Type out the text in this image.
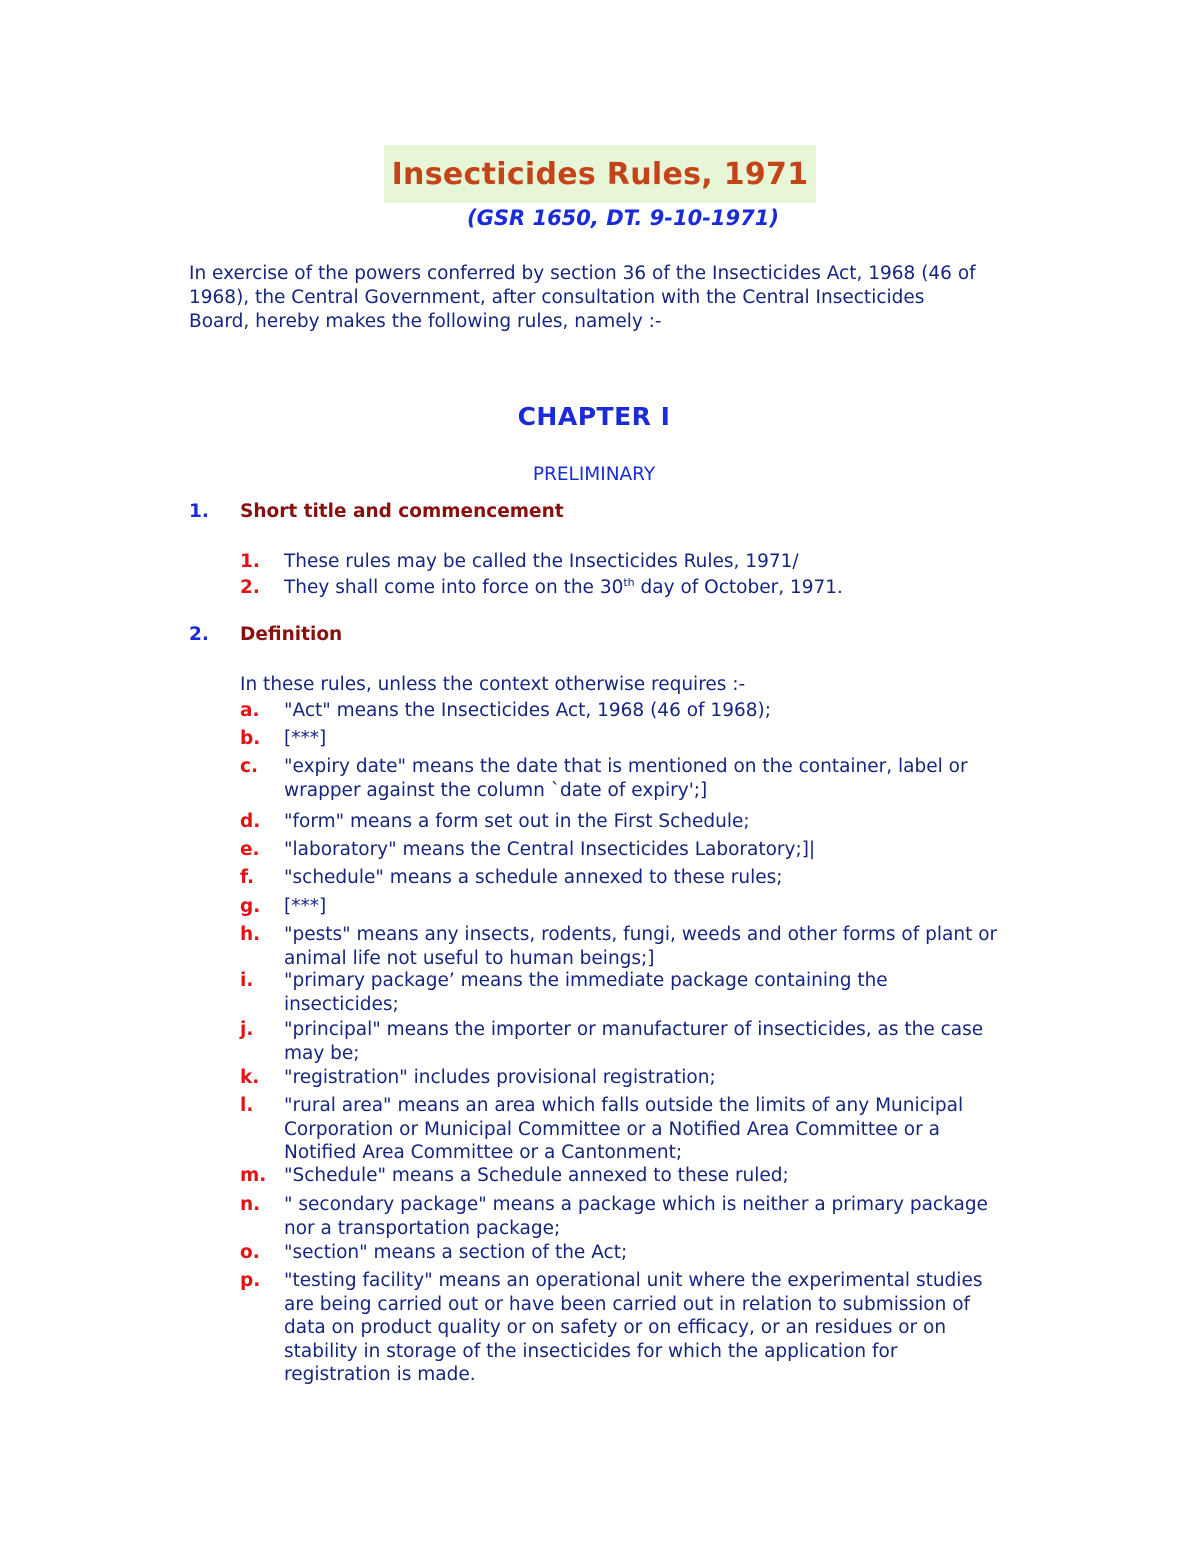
Insecticides Rules, 1971
(GSR 1650, DT. 9-10-1971)
In exercise of the powers conferred by section 36 of the Insecticides Act, 1968 (46 of 1968), the Central Government, after consultation with the Central Insecticides Board, hereby makes the following rules, namely :-
CHAPTER I
PRELIMINARY
1. Short title and commencement
1. These rules may be called the Insecticides Rules, 1971/
2. They shall come into force on the 30th day of October, 1971.
2. Definition
In these rules, unless the context otherwise requires :-
a. "Act" means the Insecticides Act, 1968 (46 of 1968);
b. [***]
c. "expiry date" means the date that is mentioned on the container, label or wrapper against the column `date of expiry';]
d. "form" means a form set out in the First Schedule;
e. "laboratory" means the Central Insecticides Laboratory;]|
f. "schedule" means a schedule annexed to these rules;
g. [***]
h. "pests" means any insects, rodents, fungi, weeds and other forms of plant or animal life not useful to human beings;]
i. "primary package’ means the immediate package containing the insecticides;
j. "principal" means the importer or manufacturer of insecticides, as the case may be;
k. "registration" includes provisional registration;
l. "rural area" means an area which falls outside the limits of any Municipal Corporation or Municipal Committee or a Notified Area Committee or a Notified Area Committee or a Cantonment;
m. "Schedule" means a Schedule annexed to these ruled;
n. " secondary package" means a package which is neither a primary package nor a transportation package;
o. "section" means a section of the Act;
p. "testing facility" means an operational unit where the experimental studies are being carried out or have been carried out in relation to submission of data on product quality or on safety or on efficacy, or an residues or on stability in storage of the insecticides for which the application for registration is made.
